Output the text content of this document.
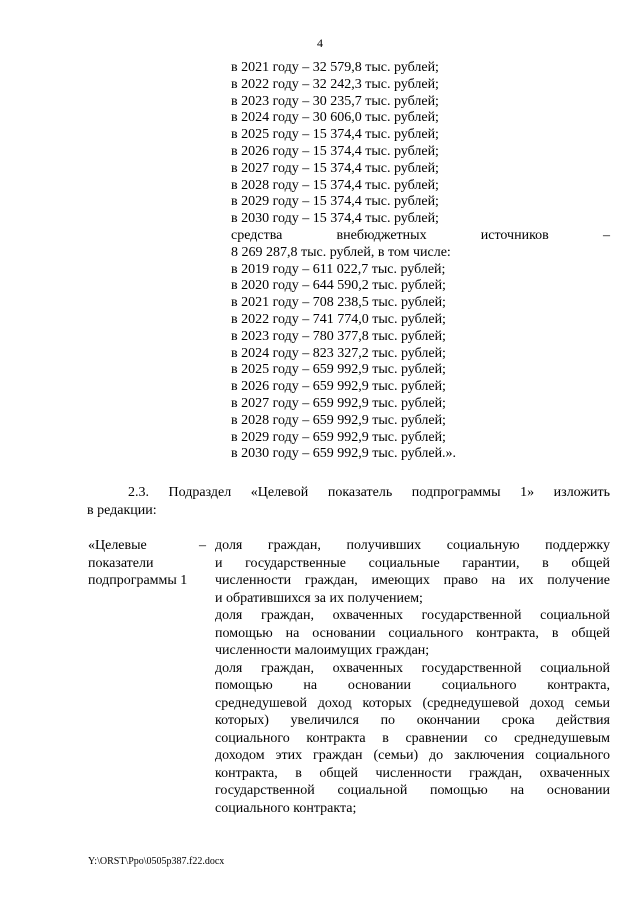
4
в 2021 году – 32 579,8 тыс. рублей;
в 2022 году – 32 242,3 тыс. рублей;
в 2023 году – 30 235,7 тыс. рублей;
в 2024 году – 30 606,0 тыс. рублей;
в 2025 году – 15 374,4 тыс. рублей;
в 2026 году – 15 374,4 тыс. рублей;
в 2027 году – 15 374,4 тыс. рублей;
в 2028 году – 15 374,4 тыс. рублей;
в 2029 году – 15 374,4 тыс. рублей;
в 2030 году – 15 374,4 тыс. рублей;
средства внебюджетных источников –
8 269 287,8 тыс. рублей, в том числе:
в 2019 году – 611 022,7 тыс. рублей;
в 2020 году – 644 590,2 тыс. рублей;
в 2021 году – 708 238,5 тыс. рублей;
в 2022 году – 741 774,0 тыс. рублей;
в 2023 году – 780 377,8 тыс. рублей;
в 2024 году – 823 327,2 тыс. рублей;
в 2025 году – 659 992,9 тыс. рублей;
в 2026 году – 659 992,9 тыс. рублей;
в 2027 году – 659 992,9 тыс. рублей;
в 2028 году – 659 992,9 тыс. рублей;
в 2029 году – 659 992,9 тыс. рублей;
в 2030 году – 659 992,9 тыс. рублей.».
2.3. Подраздел «Целевой показатель подпрограммы 1» изложить
в редакции:
«Целевые –
показатели
подпрограммы 1
доля граждан, получивших социальную поддержку
и государственные социальные гарантии, в общей
численности граждан, имеющих право на их получение
и обратившихся за их получением;
доля граждан, охваченных государственной социальной
помощью на основании социального контракта, в общей
численности малоимущих граждан;
доля граждан, охваченных государственной социальной
помощью на основании социального контракта,
среднедушевой доход которых (среднедушевой доход семьи
которых) увеличился по окончании срока действия
социального контракта в сравнении со среднедушевым
доходом этих граждан (семьи) до заключения социального
контракта, в общей численности граждан, охваченных
государственной социальной помощью на основании
социального контракта;
Y:\ORST\Ppo\0505p387.f22.docx
